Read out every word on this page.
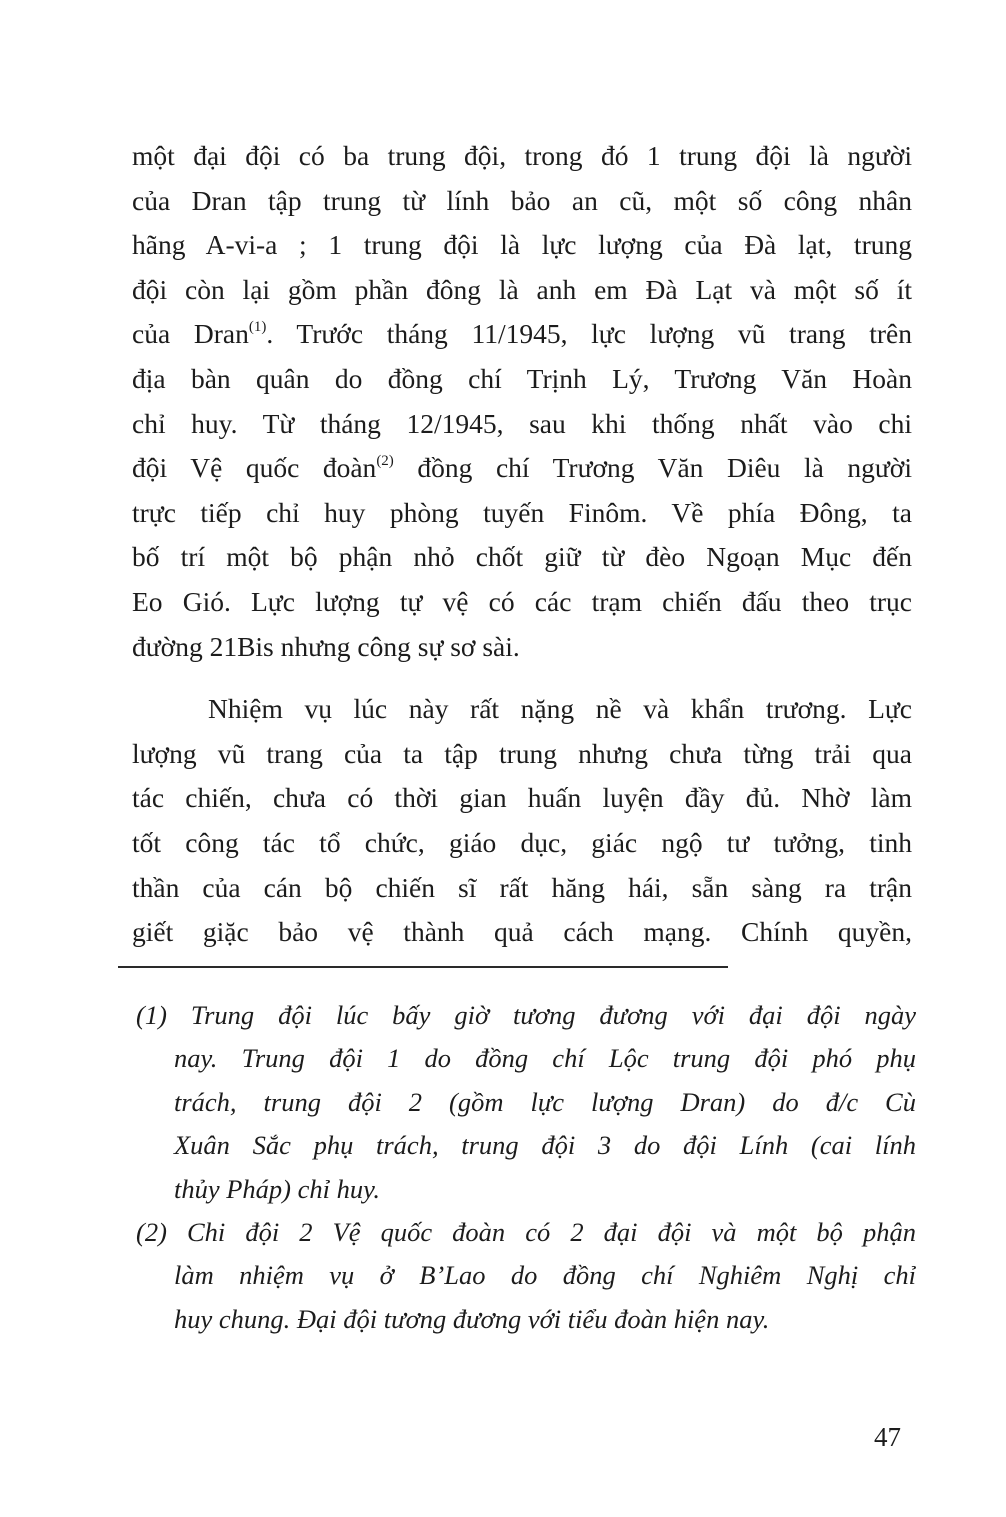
một đại đội có ba trung đội, trong đó 1 trung đội là người
của Dran tập trung từ lính bảo an cũ, một số công nhân
hãng A-vi-a ; 1 trung đội là lực lượng của Đà lạt, trung
đội còn lại gồm phần đông là anh em Đà Lạt và một số ít
của Dran$^{(1)}$. Trước tháng 11/1945, lực lượng vũ trang trên
địa bàn quân do đồng chí Trịnh Lý, Trương Văn Hoàn
chỉ huy. Từ tháng 12/1945, sau khi thống nhất vào chi
đội Vệ quốc đoàn$^{(2)}$ đồng chí Trương Văn Diêu là người
trực tiếp chỉ huy phòng tuyến Finôm. Về phía Đông, ta
bố trí một bộ phận nhỏ chốt giữ từ đèo Ngoạn Mục đến
Eo Gió. Lực lượng tự vệ có các trạm chiến đấu theo trục
đường 21Bis nhưng công sự sơ sài.

Nhiệm vụ lúc này rất nặng nề và khẩn trương. Lực
lượng vũ trang của ta tập trung nhưng chưa từng trải qua
tác chiến, chưa có thời gian huấn luyện đầy đủ. Nhờ làm
tốt công tác tổ chức, giáo dục, giác ngộ tư tưởng, tinh
thần của cán bộ chiến sĩ rất hăng hái, sẵn sàng ra trận
giết giặc bảo vệ thành quả cách mạng. Chính quyền,

(1) Trung đội lúc bấy giờ tương đương với đại đội ngày
nay. Trung đội 1 do đồng chí Lộc trung đội phó phụ
trách, trung đội 2 (gồm lực lượng Dran) do đ/c Cù
Xuân Sắc phụ trách, trung đội 3 do đội Lính (cai lính
thủy Pháp) chỉ huy.

(2) Chi đội 2 Vệ quốc đoàn có 2 đại đội và một bộ phận
làm nhiệm vụ ở B’Lao do đồng chí Nghiêm Nghị chỉ
huy chung. Đại đội tương đương với tiểu đoàn hiện nay.

47
